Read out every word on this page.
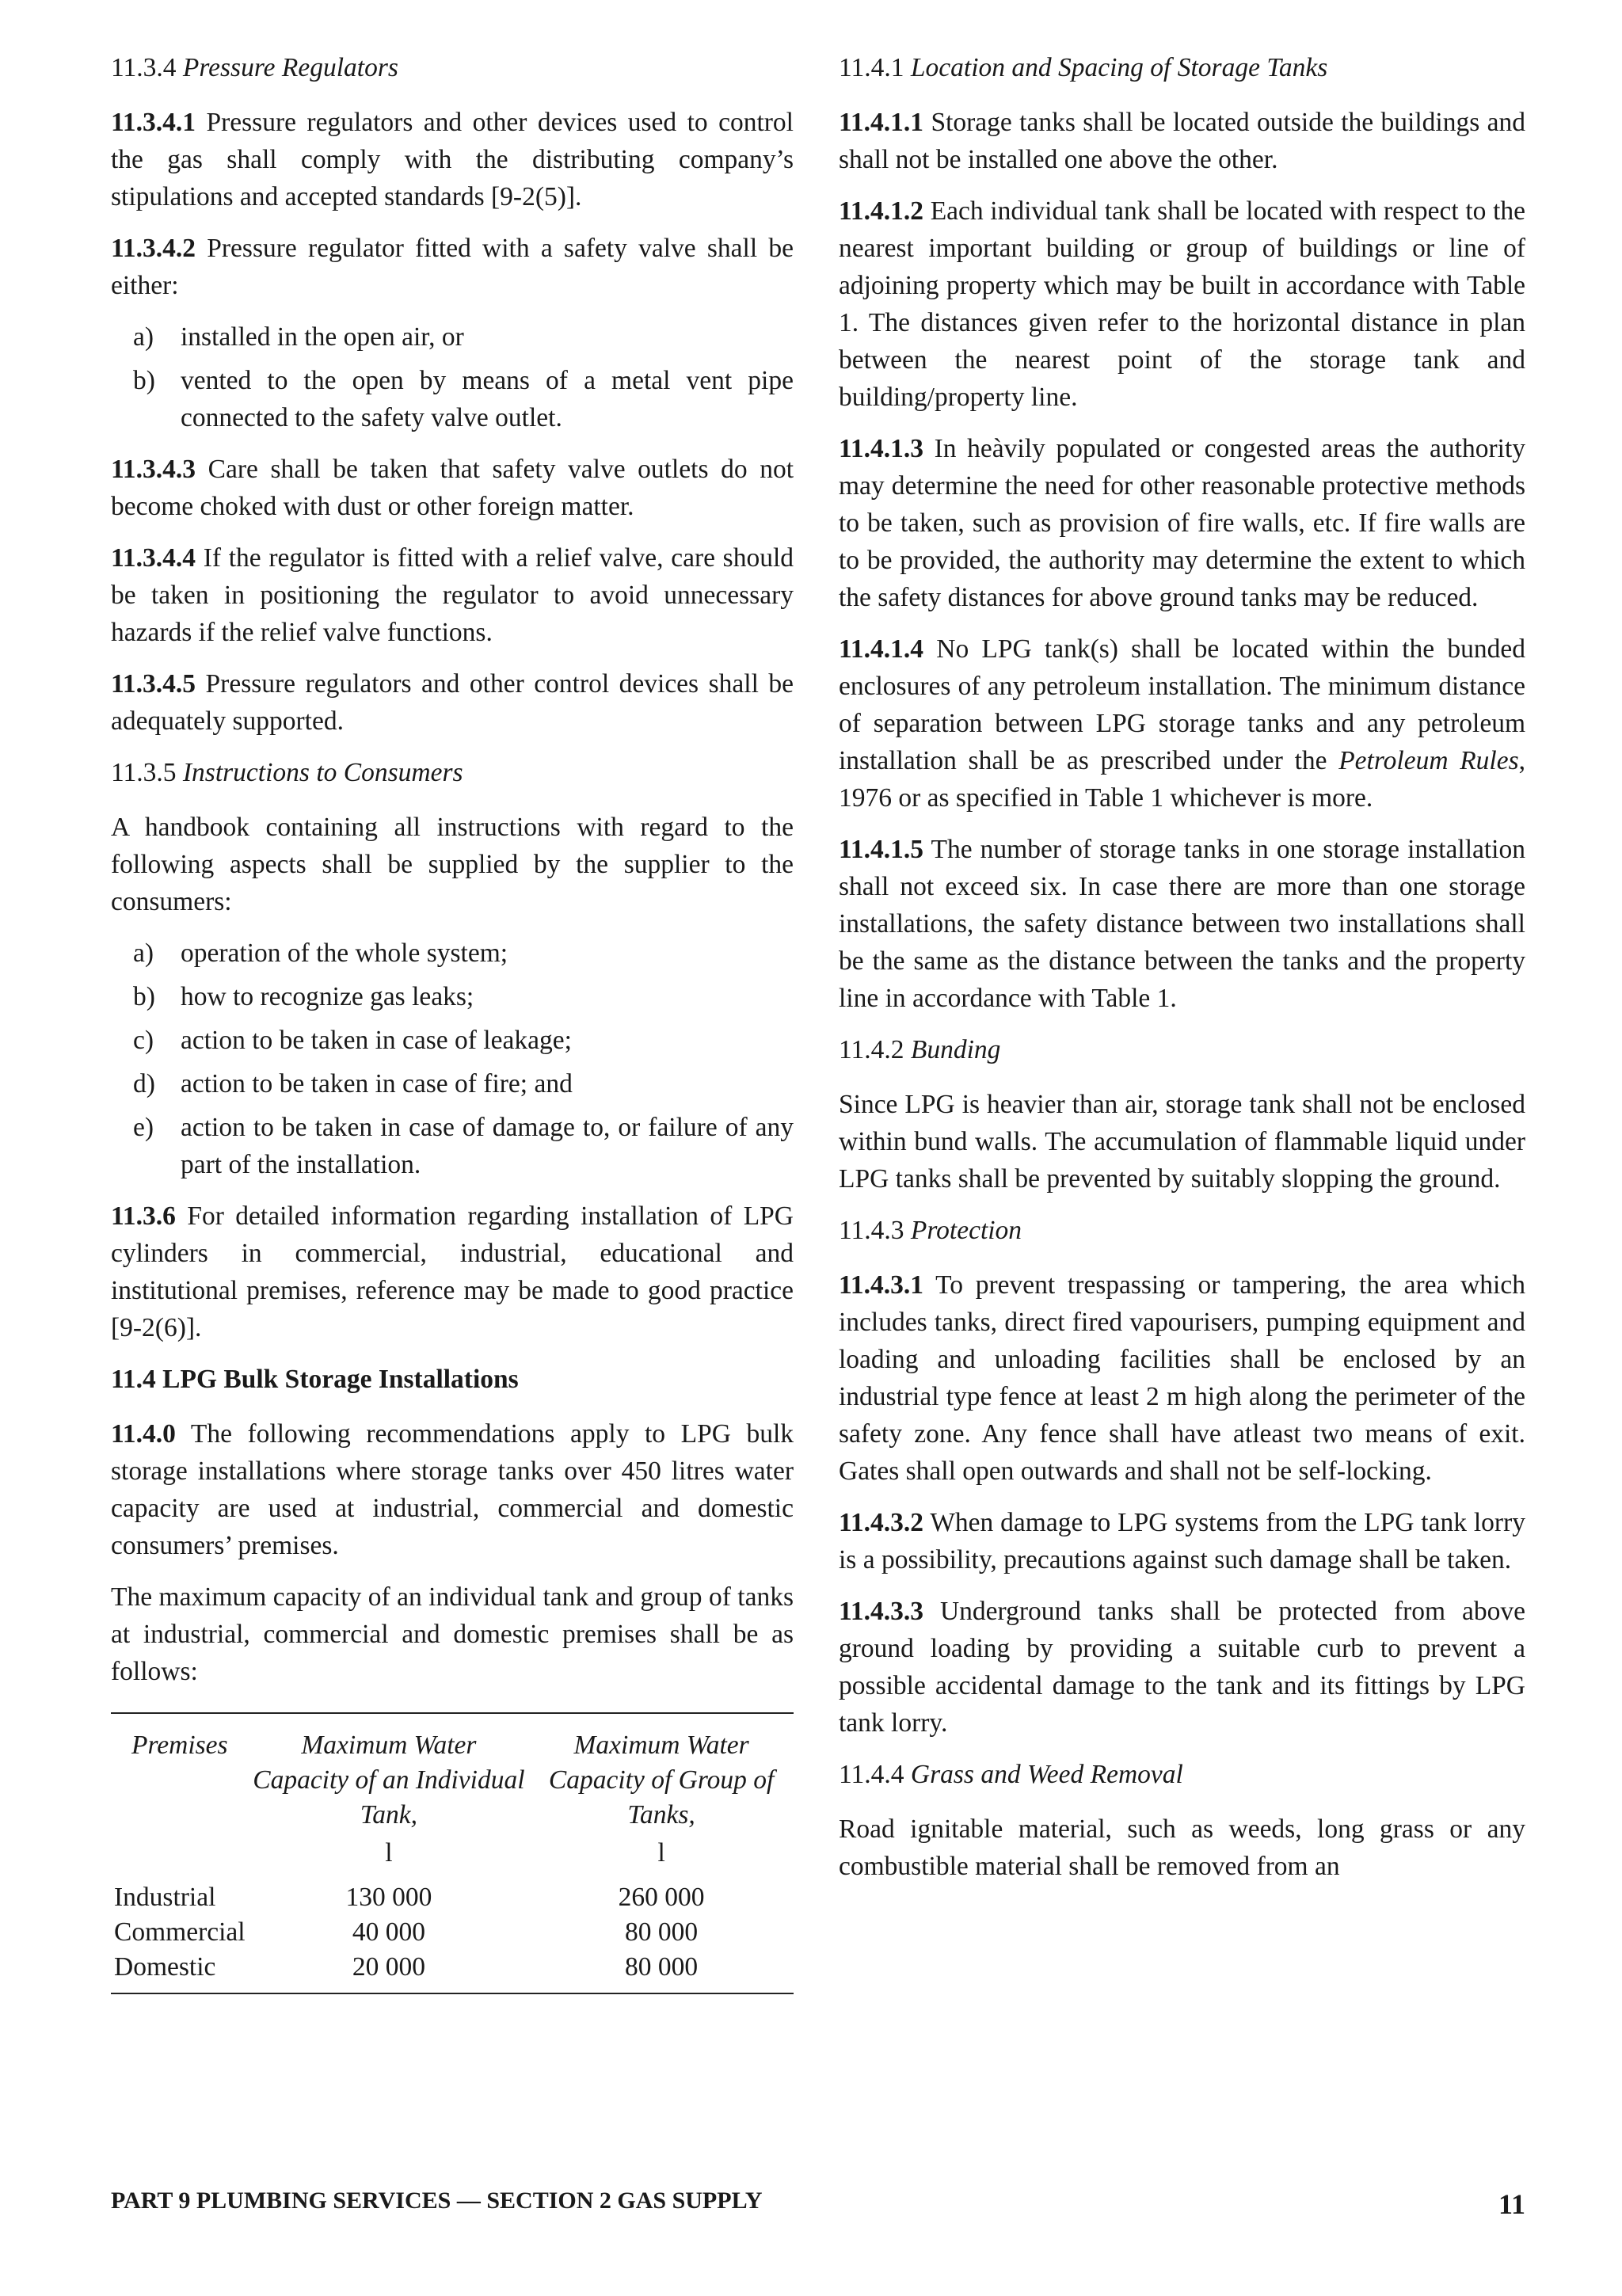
11.3.4 Pressure Regulators

11.3.4.1 Pressure regulators and other devices used to control the gas shall comply with the distributing company’s stipulations and accepted standards [9-2(5)].

11.3.4.2 Pressure regulator fitted with a safety valve shall be either:

a)	installed in the open air, or
b) vented to the open by means of a metal vent pipe connected to the safety valve outlet.

11.3.4.3 Care shall be taken that safety valve outlets do not become choked with dust or other foreign matter.

11.3.4.4 If the regulator is fitted with a relief valve, care should be taken in positioning the regulator to avoid unnecessary hazards if the relief valve functions.

11.3.4.5 Pressure regulators and other control devices shall be adequately supported.

11.3.5 Instructions to Consumers

A handbook containing all instructions with regard to the following aspects shall be supplied by the supplier to the consumers:

a)	operation of the whole system;
b) how to recognize gas leaks;
c)	action to be taken in case of leakage;
d) action to be taken in case of fire; and
e)	action to be taken in case of damage to, or failure of any part of the installation.

11.3.6 For detailed information regarding installation of LPG cylinders in commercial, industrial, educational and institutional premises, reference may be made to good practice [9-2(6)].

11.4 LPG Bulk Storage Installations

11.4.0 The following recommendations apply to LPG bulk storage installations where storage tanks over 450 litres water capacity are used at industrial, commercial and domestic consumers’ premises.

The maximum capacity of an individual tank and group of tanks at industrial, commercial and domestic premises shall be as follows:

Premises	Maximum Water Capacity of an Individual Tank,	Maximum Water Capacity of Group of Tanks,
	l	l
Industrial	130 000	260 000
Commercial	40 000	80 000
Domestic	20 000	80 000

11.4.1 Location and Spacing of Storage Tanks

11.4.1.1 Storage tanks shall be located outside the buildings and shall not be installed one above the other.

11.4.1.2 Each individual tank shall be located with respect to the nearest important building or group of buildings or line of adjoining property which may be built in accordance with Table 1. The distances given refer to the horizontal distance in plan between the nearest point of the storage tank and building/property line.

11.4.1.3 In heàvily populated or congested areas the authority may determine the need for other reasonable protective methods to be taken, such as provision of fire walls, etc. If fire walls are to be provided, the authority may determine the extent to which the safety distances for above ground tanks may be reduced.

11.4.1.4 No LPG tank(s) shall be located within the bunded enclosures of any petroleum installation. The minimum distance of separation between LPG storage tanks and any petroleum installation shall be as prescribed under the Petroleum Rules, 1976 or as specified in Table 1 whichever is more.

11.4.1.5 The number of storage tanks in one storage installation shall not exceed six. In case there are more than one storage installations, the safety distance between two installations shall be the same as the distance between the tanks and the property line in accordance with Table 1.

11.4.2 Bunding

Since LPG is heavier than air, storage tank shall not be enclosed within bund walls. The accumulation of flammable liquid under LPG tanks shall be prevented by suitably slopping the ground.

11.4.3 Protection

11.4.3.1 To prevent trespassing or tampering, the area which includes tanks, direct fired vapourisers, pumping equipment and loading and unloading facilities shall be enclosed by an industrial type fence at least 2 m high along the perimeter of the safety zone. Any fence shall have atleast two means of exit. Gates shall open outwards and shall not be self-locking.

11.4.3.2 When damage to LPG systems from the LPG tank lorry is a possibility, precautions against such damage shall be taken.

11.4.3.3 Underground tanks shall be protected from above ground loading by providing a suitable curb to prevent a possible accidental damage to the tank and its fittings by LPG tank lorry.

11.4.4 Grass and Weed Removal

Road ignitable material, such as weeds, long grass or any combustible material shall be removed from an

PART 9 PLUMBING SERVICES — SECTION 2 GAS SUPPLY	11
